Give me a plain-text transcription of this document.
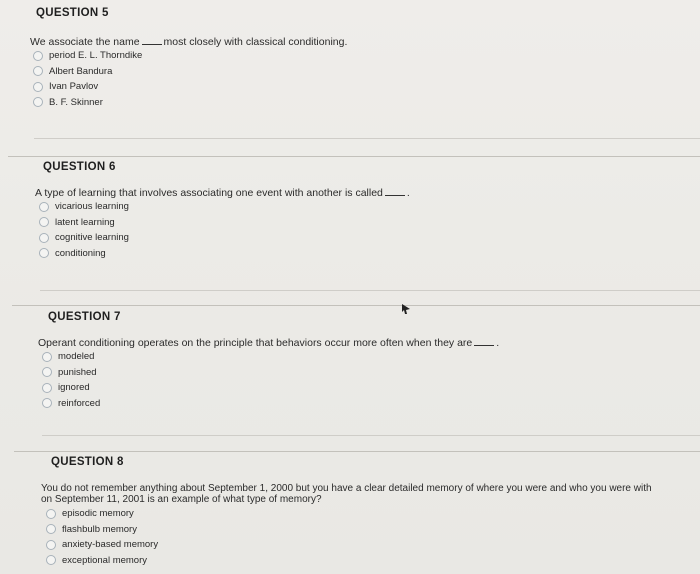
QUESTION 5
We associate the name most closely with classical conditioning.
period E. L. Thorndike
Albert Bandura
Ivan Pavlov
B. F. Skinner
QUESTION 6
A type of learning that involves associating one event with another is called .
vicarious learning
latent learning
cognitive learning
conditioning
QUESTION 7
Operant conditioning operates on the principle that behaviors occur more often when they are .
modeled
punished
ignored
reinforced
QUESTION 8
You do not remember anything about September 1, 2000 but you have a clear detailed memory of where you were and who you were with
on September 11, 2001 is an example of what type of memory?
episodic memory
flashbulb memory
anxiety-based memory
exceptional memory
